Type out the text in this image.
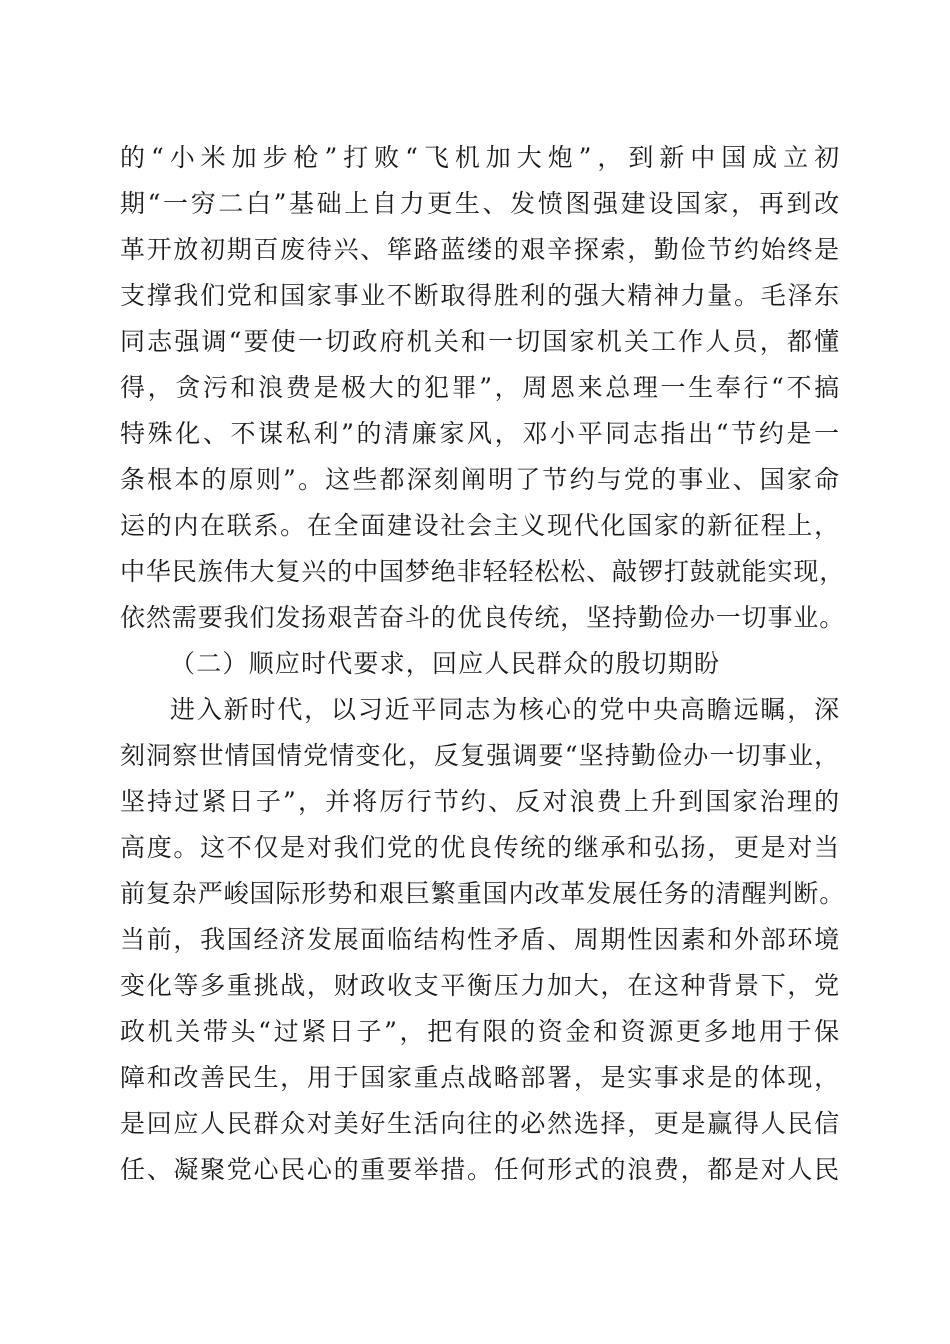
的“小米加步枪”打败“飞机加大炮”，到新中国成立初
期“一穷二白”基础上自力更生、发愤图强建设国家，再到改
革开放初期百废待兴、筚路蓝缕的艰辛探索，勤俭节约始终是
支撑我们党和国家事业不断取得胜利的强大精神力量。毛泽东
同志强调“要使一切政府机关和一切国家机关工作人员，都懂
得，贪污和浪费是极大的犯罪”，周恩来总理一生奉行“不搞
特殊化、不谋私利”的清廉家风，邓小平同志指出“节约是一
条根本的原则”。这些都深刻阐明了节约与党的事业、国家命
运的内在联系。在全面建设社会主义现代化国家的新征程上，
中华民族伟大复兴的中国梦绝非轻轻松松、敲锣打鼓就能实现，
依然需要我们发扬艰苦奋斗的优良传统，坚持勤俭办一切事业。
（二）顺应时代要求，回应人民群众的殷切期盼
进入新时代，以习近平同志为核心的党中央高瞻远瞩，深
刻洞察世情国情党情变化，反复强调要“坚持勤俭办一切事业，
坚持过紧日子”，并将厉行节约、反对浪费上升到国家治理的
高度。这不仅是对我们党的优良传统的继承和弘扬，更是对当
前复杂严峻国际形势和艰巨繁重国内改革发展任务的清醒判断。
当前，我国经济发展面临结构性矛盾、周期性因素和外部环境
变化等多重挑战，财政收支平衡压力加大，在这种背景下，党
政机关带头“过紧日子”，把有限的资金和资源更多地用于保
障和改善民生，用于国家重点战略部署，是实事求是的体现，
是回应人民群众对美好生活向往的必然选择，更是赢得人民信
任、凝聚党心民心的重要举措。任何形式的浪费，都是对人民
